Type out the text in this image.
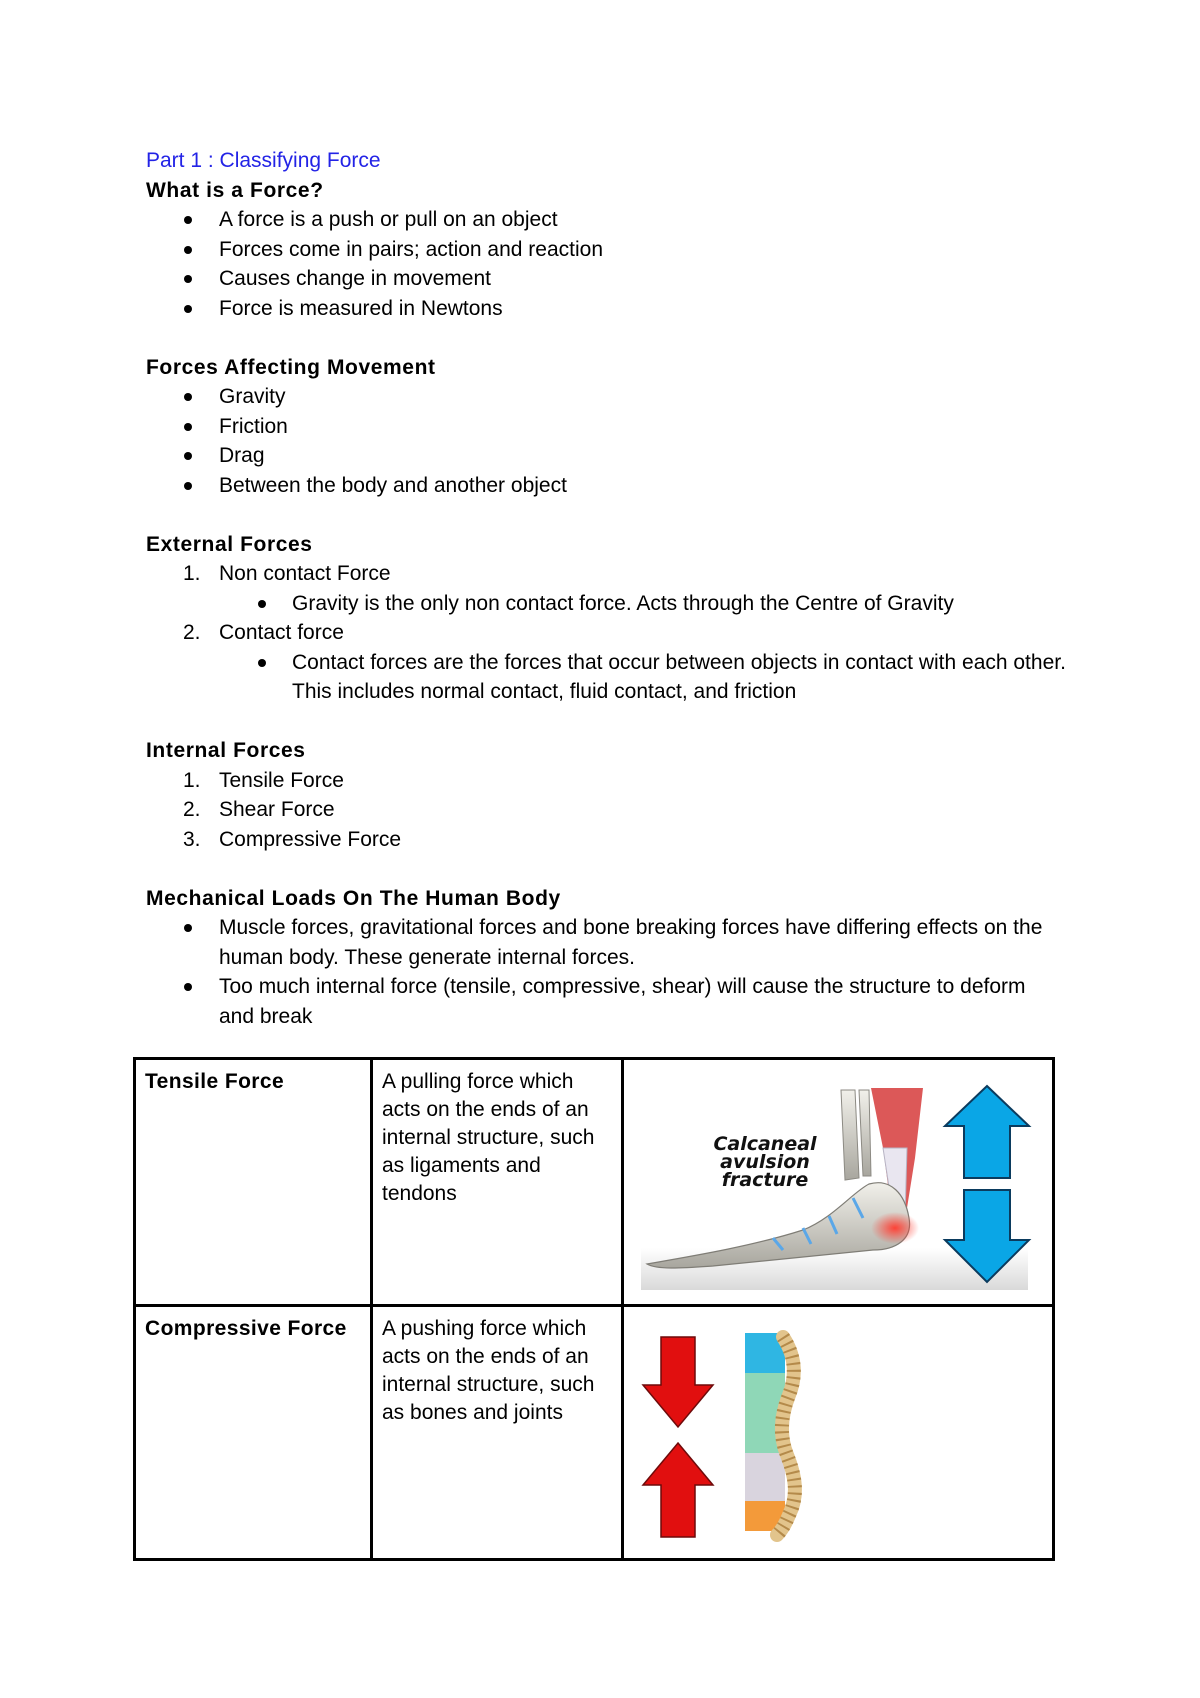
Part 1 : Classifying Force
What is a Force?
A force is a push or pull on an object
Forces come in pairs; action and reaction
Causes change in movement
Force is measured in Newtons
Forces Affecting Movement
Gravity
Friction
Drag
Between the body and another object
External Forces
1. Non contact Force
Gravity is the only non contact force. Acts through the Centre of Gravity
2. Contact force
Contact forces are the forces that occur between objects in contact with each other. This includes normal contact, fluid contact, and friction
Internal Forces
1. Tensile Force
2. Shear Force
3. Compressive Force
Mechanical Loads On The Human Body
Muscle forces, gravitational forces and bone breaking forces have differing effects on the human body. These generate internal forces.
Too much internal force (tensile, compressive, shear) will cause the structure to deform and break
Tensile Force	A pulling force which acts on the ends of an internal structure, such as ligaments and tendons	Calcaneal
avulsion
fracture

Compressive Force	A pushing force which acts on the ends of an internal structure, such as bones and joints	
